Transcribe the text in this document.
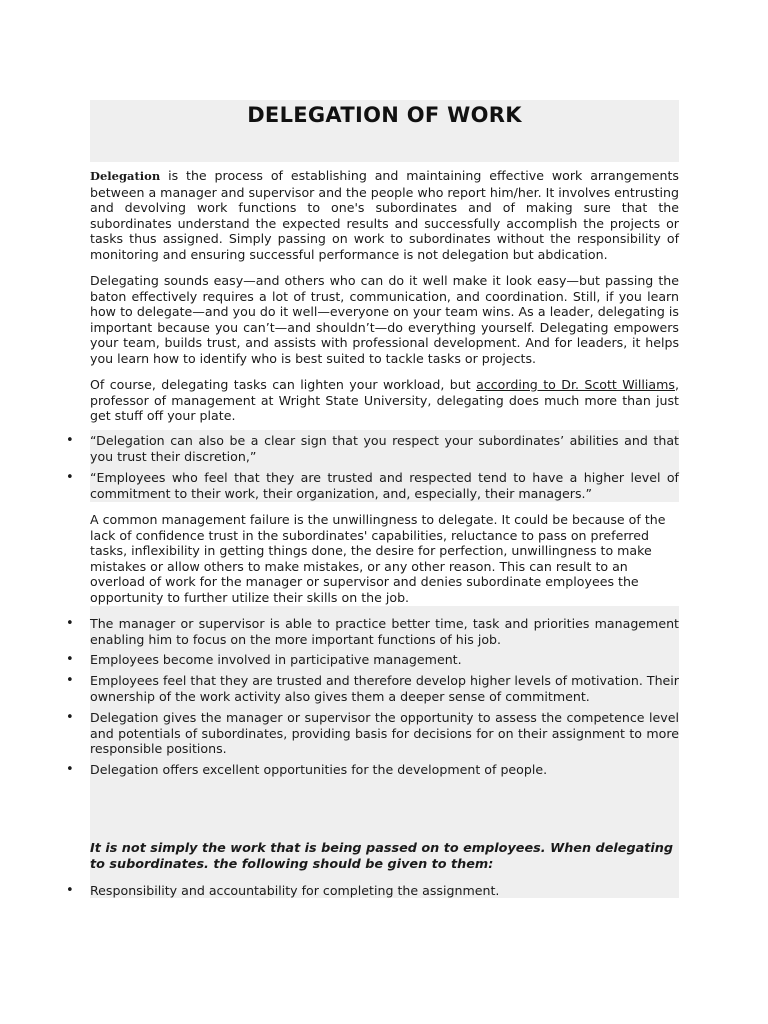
DELEGATION OF WORK
Delegation is the process of establishing and maintaining effective work arrangements between a manager and supervisor and the people who report him/her. It involves entrusting and devolving work functions to one's subordinates and of making sure that the subordinates understand the expected results and successfully accomplish the projects or tasks thus assigned. Simply passing on work to subordinates without the responsibility of monitoring and ensuring successful performance is not delegation but abdication.
Delegating sounds easy—and others who can do it well make it look easy—but passing the baton effectively requires a lot of trust, communication, and coordination. Still, if you learn how to delegate—and you do it well—everyone on your team wins. As a leader, delegating is important because you can’t—and shouldn’t—do everything yourself. Delegating empowers your team, builds trust, and assists with professional development. And for leaders, it helps you learn how to identify who is best suited to tackle tasks or projects.
Of course, delegating tasks can lighten your workload, but according to Dr. Scott Williams, professor of management at Wright State University, delegating does much more than just get stuff off your plate.
• “Delegation can also be a clear sign that you respect your subordinates’ abilities and that you trust their discretion,”
• “Employees who feel that they are trusted and respected tend to have a higher level of commitment to their work, their organization, and, especially, their managers.”
A common management failure is the unwillingness to delegate. It could be because of the lack of confidence trust in the subordinates' capabilities, reluctance to pass on preferred tasks, inflexibility in getting things done, the desire for perfection, unwillingness to make mistakes or allow others to make mistakes, or any other reason. This can result to an overload of work for the manager or supervisor and denies subordinate employees the opportunity to further utilize their skills on the job.
• The manager or supervisor is able to practice better time, task and priorities management enabling him to focus on the more important functions of his job.
• Employees become involved in participative management.
• Employees feel that they are trusted and therefore develop higher levels of motivation. Their ownership of the work activity also gives them a deeper sense of commitment.
• Delegation gives the manager or supervisor the opportunity to assess the competence level and potentials of subordinates, providing basis for decisions for on their assignment to more responsible positions.
• Delegation offers excellent opportunities for the development of people.
It is not simply the work that is being passed on to employees. When delegating to subordinates. the following should be given to them:
• Responsibility and accountability for completing the assignment.
